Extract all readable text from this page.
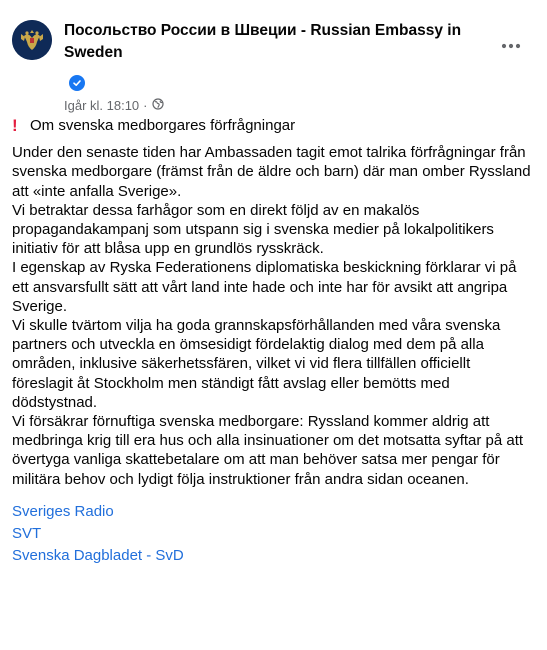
Посольство России в Швеции - Russian Embassy in Sweden
Igår kl. 18:10 ·
! Om svenska medborgares förfrågningar

Under den senaste tiden har Ambassaden tagit emot talrika förfrågningar från svenska medborgare (främst från de äldre och barn) där man omber Ryssland att «inte anfalla Sverige».

Vi betraktar dessa farhågor som en direkt följd av en makalös propagandakampanj som utspann sig i svenska medier på lokalpolitikers initiativ för att blåsa upp en grundlös rysskräck.

I egenskap av Ryska Federationens diplomatiska beskickning förklarar vi på ett ansvarsfullt sätt att vårt land inte hade och inte har för avsikt att angripa Sverige.

Vi skulle tvärtom vilja ha goda grannskapsförhållanden med våra svenska partners och utveckla en ömsesidigt fördelaktig dialog med dem på alla områden, inklusive säkerhetssfären, vilket vi vid flera tillfällen officiellt föreslagit åt Stockholm men ständigt fått avslag eller bemötts med dödstystnad.

Vi försäkrar förnuftiga svenska medborgare: Ryssland kommer aldrig att medbringa krig till era hus och alla insinuationer om det motsatta syftar på att övertyga vanliga skattebetalare om att man behöver satsa mer pengar för militära behov och lydigt följa instruktioner från andra sidan oceanen.

Sveriges Radio
SVT
Svenska Dagbladet - SvD
